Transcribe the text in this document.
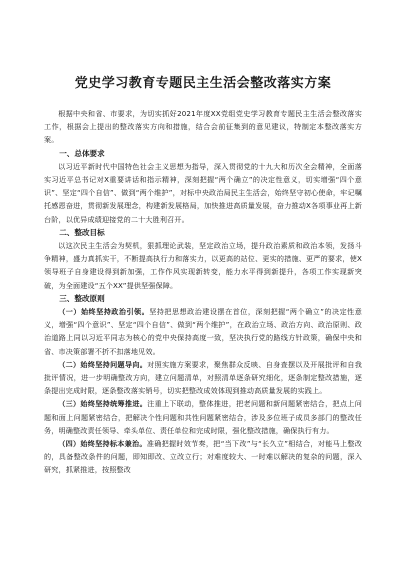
党史学习教育专题民主生活会整改落实方案

根据中央和省、市要求，为切实抓好2021年度XX党组党史学习教育专题民主生活会整改落实工作，根据会上提出的整改落实方向和措施，结合会前征集到的意见建议，特制定本整改落实方案。

一、总体要求

以习近平新时代中国特色社会主义思想为指导，深入贯彻党的十九大和历次全会精神，全面落实习近平总书记对X重要讲话和指示精神，深刻把握“两个确立”的决定性意义，切实增强“四个意识”、坚定“四个自信”、做到“两个维护”，对标中央政治局民主生活会，始终坚守初心使命，牢记嘱托感恩奋进，贯彻新发展理念，构建新发展格局，加快推进高质量发展，奋力推动X各项事业再上新台阶，以优异成绩迎接党的二十大胜利召开。

二、整改目标

以这次民主生活会为契机，狠抓理论武装，坚定政治立场，提升政治素质和政治本领，发扬斗争精神，盛力真抓实干，不断提高执行力和落实力，以更高的站位、更实的措施、更严的要求，使X领导班子自身建设得到新加强，工作作风实现新转变，能力水平得到新提升，各项工作实现新突破，为全面建设“五个XX”提供坚强保障。

三、整改原则

（一）始终坚持政治引领。坚持把思想政治建设摆在首位，深刻把握“两个确立”的决定性意义，增强“四个意识”、坚定“四个自信”、做到“两个维护”，在政治立场、政治方向、政治原则、政治道路上同以习近平同志为核心的党中央保持高度一致，坚决执行党的路线方针政策，确保中央和省、市决策部署不折不扣落地见效。

（二）始终坚持问题导向。对照实施方案要求，聚焦群众反映、自身查摆以及开展批评和自我批评情况，进一步明确整改方向，建立问题清单，对照清单逐条研究细化，逐条制定整改措施，逐条提出完成时限，逐条整改落实销号，切实把整改成效体现到推动高质量发展的实践上。

（三）始终坚持统筹推进。注重上下联动，整体推进，把老问题和新问题紧密结合，把点上问题和面上问题紧密结合，把解决个性问题和共性问题紧密结合，涉及多位班子成员多部门的整改任务，明确整改责任领导、牵头单位、责任单位和完成时限，强化整改措施，确保执行有力。

（四）始终坚持标本兼治。准确把握时效节奏，把“当下改”与“长久立”相结合，对能马上整改的，具备整改条件的问题，即知即改、立改立行；对难度较大、一时难以解决的复杂的问题，深入研究，抓紧推进，按照整改
